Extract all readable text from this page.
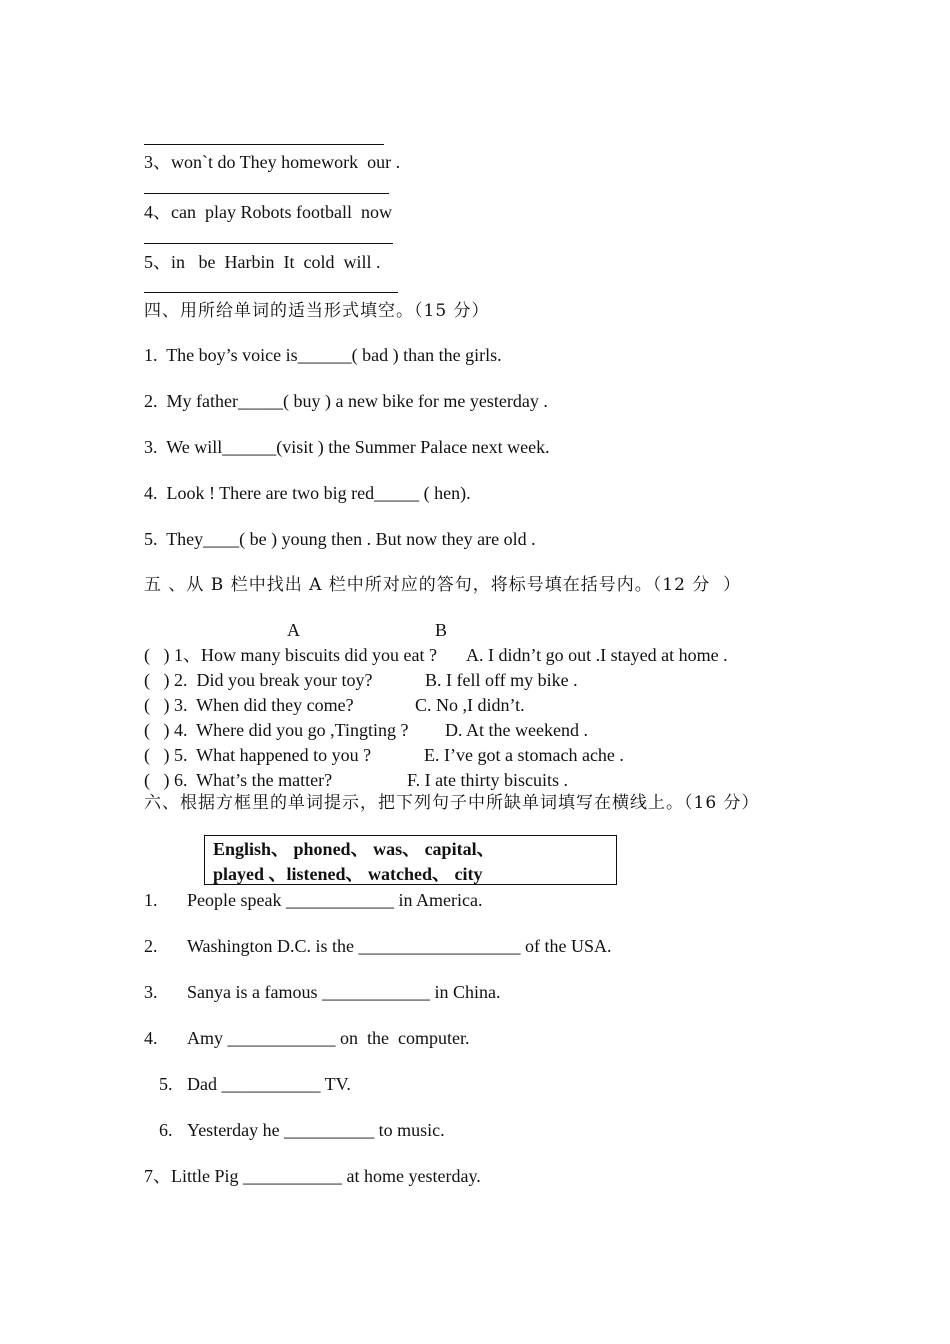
3、won`t do They homework  our .
4、can  play Robots football  now
5、in   be  Harbin  It  cold  will .
四、用所给单词的适当形式填空。（15 分）
1. The boy’s voice is______( bad ) than the girls.
2. My father_____( buy ) a new bike for me yesterday .
3. We will______(visit ) the Summer Palace next week.
4. Look ! There are two big red_____ ( hen).
5. They____( be ) young then . But now they are old .
五 、从 B 栏中找出 A 栏中所对应的答句，将标号填在括号内。（12 分  ）
A	B
(   ) 1、How many biscuits did you eat ? A. I didn’t go out .I stayed at home .
(   ) 2.  Did you break your toy?	B. I fell off my bike .
(   ) 3.  When did they come?	C. No ,I didn’t.
(   ) 4.  Where did you go ,Tingting ? D. At the weekend .
(   ) 5.  What happened to you ?	E. I’ve got a stomach ache .
(   ) 6.  What’s the matter?	F. I ate thirty biscuits .
六、根据方框里的单词提示，把下列句子中所缺单词填写在横线上。（16 分）
English、 phoned、 was、 capital、
played 、listened、 watched、 city
1. People speak ____________ in America.
2. Washington D.C. is the __________________ of the USA.
3. Sanya is a famous ____________ in China.
4. Amy ____________ on  the  computer.
5. Dad ___________ TV.
6. Yesterday he __________ to music.
7、Little Pig ___________ at home yesterday.
